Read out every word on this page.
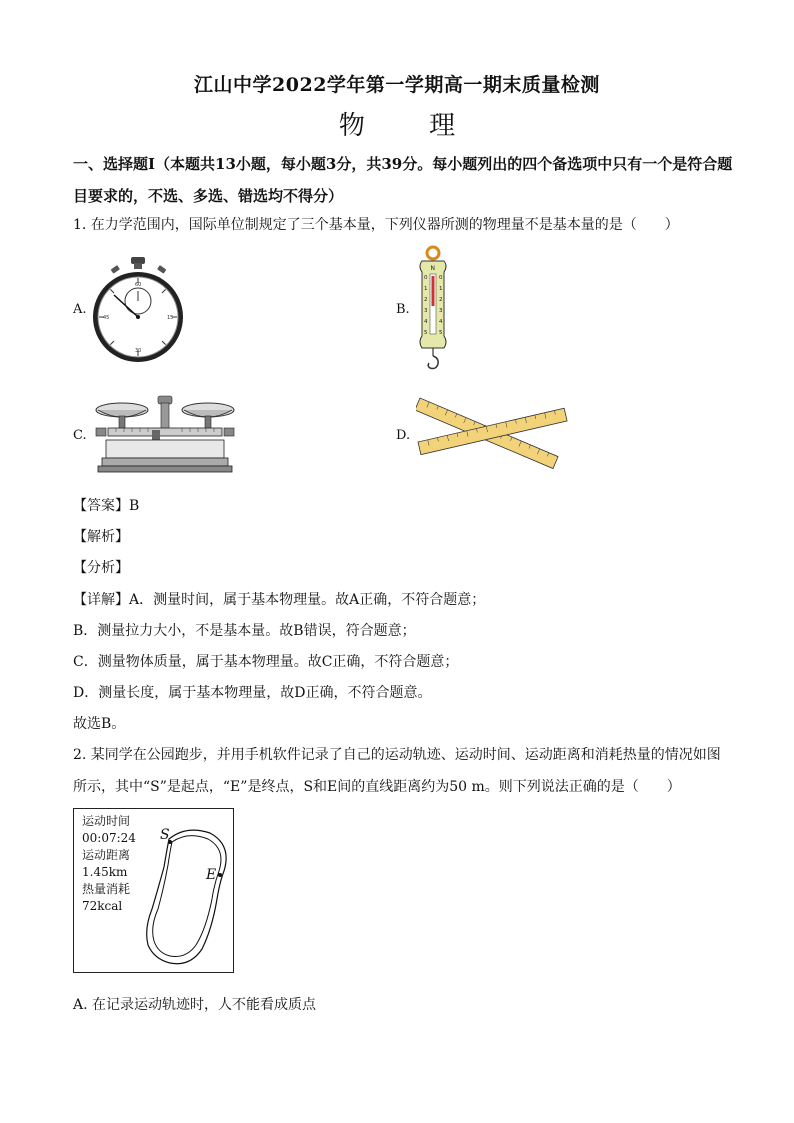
江山中学2022学年第一学期高一期末质量检测
物 理
一、选择题I（本题共13小题，每小题3分，共39分。每小题列出的四个备选项中只有一个是符合题目要求的，不选、多选、错选均不得分）
1. 在力学范围内，国际单位制规定了三个基本量，下列仪器所测的物理量不是基本量的是（　　）
A.
60
15
30
45
B.
N
0 0
1 1
2 2
3 3
4 4
5 5
C.	D.
【答案】B
【解析】
【分析】
【详解】A．测量时间，属于基本物理量。故A正确，不符合题意；
B．测量拉力大小，不是基本量。故B错误，符合题意；
C．测量物体质量，属于基本物理量。故C正确，不符合题意；
D．测量长度，属于基本物理量，故D正确，不符合题意。
故选B。
2. 某同学在公园跑步，并用手机软件记录了自己的运动轨迹、运动时间、运动距离和消耗热量的情况如图
所示，其中“S”是起点，“E”是终点，S和E间的直线距离约为50 m。则下列说法正确的是（　　）
运动时间
00:07:24
运动距离
1.45km
热量消耗
72kcal
S
E
A. 在记录运动轨迹时，人不能看成质点
